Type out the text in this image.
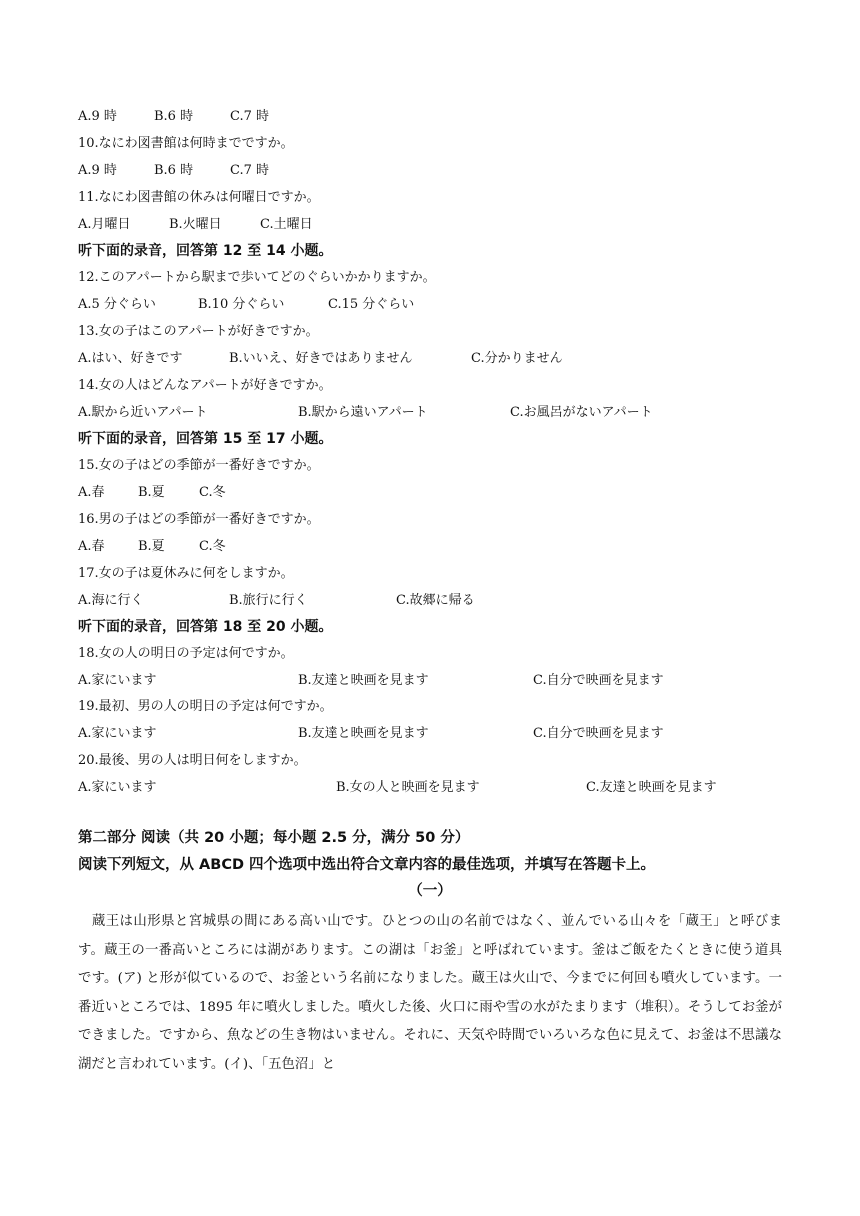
A.9 時	B.6 時	C.7 時
10.なにわ図書館は何時までですか。
A.9 時	B.6 時	C.7 時
11.なにわ図書館の休みは何曜日ですか。
A.月曜日	B.火曜日	C.土曜日
听下面的录音，回答第 12 至 14 小题。
12.このアパートから駅まで歩いてどのぐらいかかりますか。
A.5 分ぐらい	B.10 分ぐらい	C.15 分ぐらい
13.女の子はこのアパートが好きですか。
A.はい、好きです	B.いいえ、好きではありません	C.分かりません
14.女の人はどんなアパートが好きですか。
A.駅から近いアパート	B.駅から遠いアパート	C.お風呂がないアパート
听下面的录音，回答第 15 至 17 小题。
15.女の子はどの季節が一番好きですか。
A.春	B.夏	C.冬
16.男の子はどの季節が一番好きですか。
A.春	B.夏	C.冬
17.女の子は夏休みに何をしますか。
A.海に行く	B.旅行に行く	C.故郷に帰る
听下面的录音，回答第 18 至 20 小题。
18.女の人の明日の予定は何ですか。
A.家にいます	B.友達と映画を見ます	C.自分で映画を見ます
19.最初、男の人の明日の予定は何ですか。
A.家にいます	B.友達と映画を見ます	C.自分で映画を見ます
20.最後、男の人は明日何をしますか。
A.家にいます	B.女の人と映画を見ます	C.友達と映画を見ます
第二部分 阅读（共 20 小题；每小题 2.5 分，满分 50 分）
阅读下列短文，从 ABCD 四个选项中选出符合文章内容的最佳选项，并填写在答题卡上。
（一）
　蔵王は山形県と宮城県の間にある高い山です。ひとつの山の名前ではなく、並んでいる山々を「蔵王」と呼びます。蔵王の一番高いところには湖があります。この湖は「お釜」と呼ばれています。釜はご飯をたくときに使う道具です。(ア) と形が似ているので、お釜という名前になりました。蔵王は火山で、今までに何回も噴火しています。一番近いところでは、1895 年に噴火しました。噴火した後、火口に雨や雪の水がたまります（堆积）。そうしてお釜ができました。ですから、魚などの生き物はいません。それに、天気や時間でいろいろな色に見えて、お釜は不思議な湖だと言われています。(イ)、「五色沼」と
